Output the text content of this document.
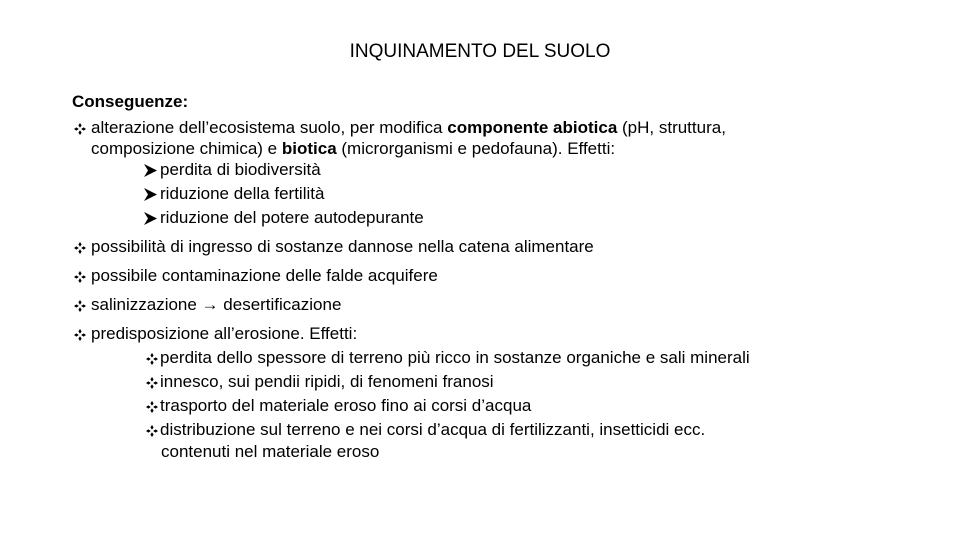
INQUINAMENTO DEL SUOLO

Conseguenze:

alterazione dell’ecosistema suolo, per modifica componente abiotica (pH, struttura,
composizione chimica) e biotica (microrganismi e pedofauna). Effetti:
perdita di biodiversità
riduzione della fertilità
riduzione del potere autodepurante
possibilità di ingresso di sostanze dannose nella catena alimentare
possibile contaminazione delle falde acquifere
salinizzazione → desertificazione
predisposizione all’erosione. Effetti:
perdita dello spessore di terreno più ricco in sostanze organiche e sali minerali
innesco, sui pendii ripidi, di fenomeni franosi
trasporto del materiale eroso fino ai corsi d’acqua
distribuzione sul terreno e nei corsi d’acqua di fertilizzanti, insetticidi ecc.
contenuti nel materiale eroso
